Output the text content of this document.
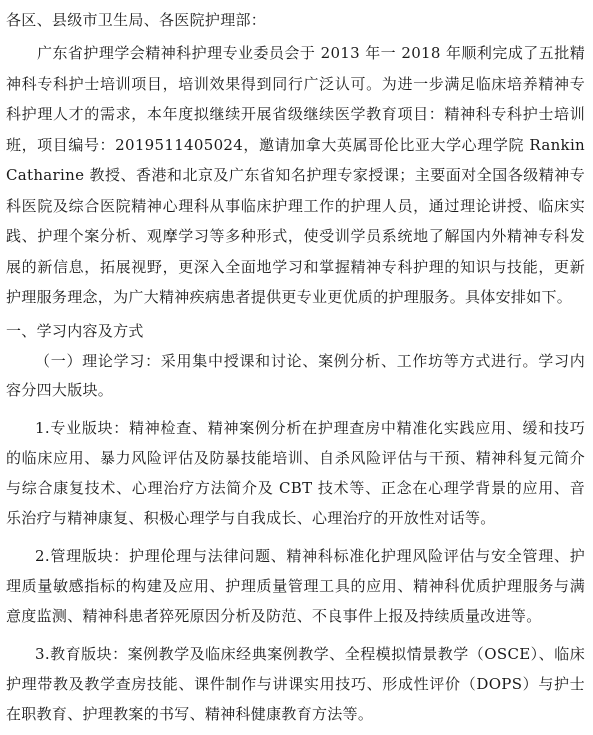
各区、县级市卫生局、各医院护理部：

广东省护理学会精神科护理专业委员会于 2013 年一 2018 年顺利完成了五批精神科专科护士培训项目，培训效果得到同行广泛认可。为进一步满足临床培养精神专科护理人才的需求，本年度拟继续开展省级继续医学教育项目：精神科专科护士培训班，项目编号：2019511405024，邀请加拿大英属哥伦比亚大学心理学院 Rankin Catharine 教授、香港和北京及广东省知名护理专家授课；主要面对全国各级精神专科医院及综合医院精神心理科从事临床护理工作的护理人员，通过理论讲授、临床实践、护理个案分析、观摩学习等多种形式，使受训学员系统地了解国内外精神专科发展的新信息，拓展视野，更深入全面地学习和掌握精神专科护理的知识与技能，更新护理服务理念，为广大精神疾病患者提供更专业更优质的护理服务。具体安排如下。

一、学习内容及方式

（一）理论学习：采用集中授课和讨论、案例分析、工作坊等方式进行。学习内容分四大版块。

1.专业版块：精神检查、精神案例分析在护理查房中精准化实践应用、缓和技巧的临床应用、暴力风险评估及防暴技能培训、自杀风险评估与干预、精神科复元简介与综合康复技术、心理治疗方法简介及 CBT 技术等、正念在心理学背景的应用、音乐治疗与精神康复、积极心理学与自我成长、心理治疗的开放性对话等。

2.管理版块：护理伦理与法律问题、精神科标准化护理风险评估与安全管理、护理质量敏感指标的构建及应用、护理质量管理工具的应用、精神科优质护理服务与满意度监测、精神科患者猝死原因分析及防范、不良事件上报及持续质量改进等。

3.教育版块：案例教学及临床经典案例教学、全程模拟情景教学（OSCE）、临床护理带教及教学查房技能、课件制作与讲课实用技巧、形成性评价（DOPS）与护士在职教育、护理教案的书写、精神科健康教育方法等。
